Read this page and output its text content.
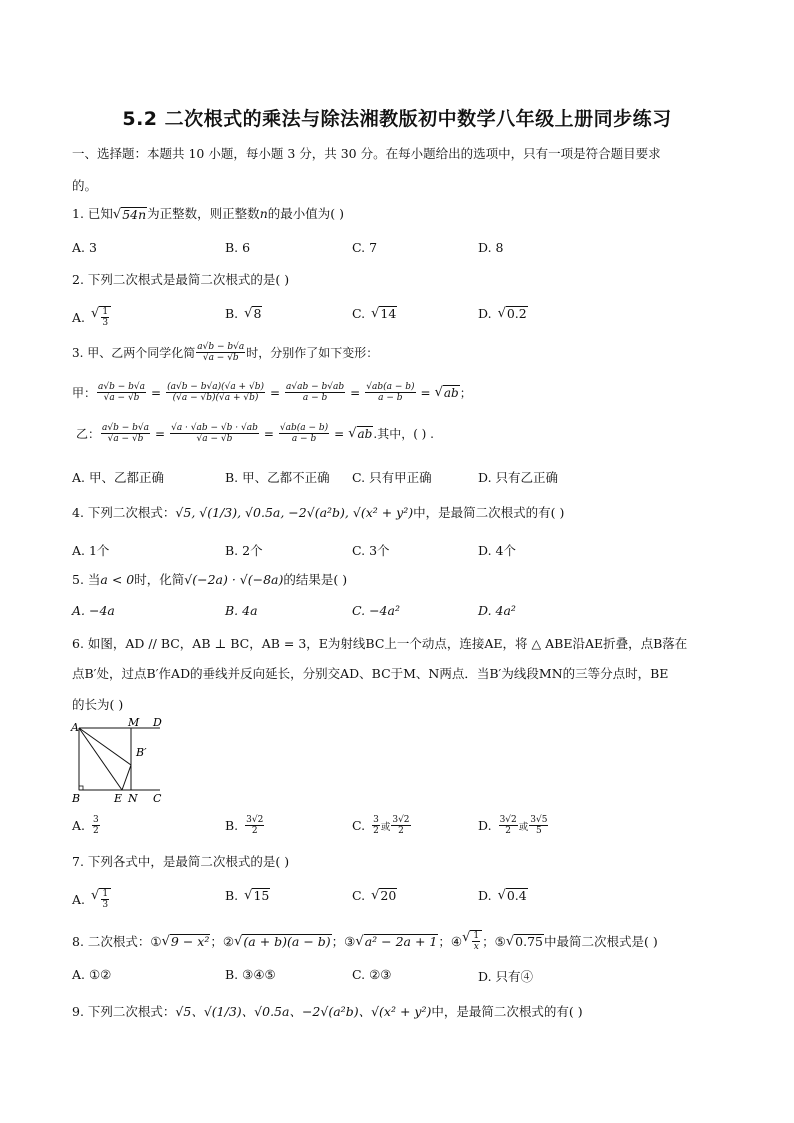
5.2 二次根式的乘法与除法湘教版初中数学八年级上册同步练习
一、选择题：本题共 10 小题，每小题 3 分，共 30 分。在每小题给出的选项中，只有一项是符合题目要求
的。
1. 已知 √ 54n 为正整数，则正整数n的最小值为( )
A. 3	B. 6	C. 7	D. 8
2. 下列二次根式是最简二次根式的是( )
A. √ $\frac{1}{3}$	B. √ 8	C. √ 14	D. √ 0.2
3. 甲、乙两个同学化简 $\frac{a√b - b√a}{√a - √b}$ 时，分别作了如下变形：
甲： $\frac{a√b - b√a}{√a - √b} = \frac{(a√b - b√a)(√a + √b)}{(√a - √b)(√a + √b)} = \frac{a√ab - b√ab}{a - b} = \frac{√ab(a - b)}{a - b}$ = √ ab ；
乙： $\frac{a√b - b√a}{√a - √b} = \frac{√a \cdot √ab - √b \cdot √ab}{√a - √b} = \frac{√ab(a - b)}{a - b}$ = √ ab .其中，( ) .
A. 甲、乙都正确	B. 甲、乙都不正确 C. 只有甲正确	D. 只有乙正确
4. 下列二次根式：√5, √(1/3), √0.5a, −2√(a²b), √(x² + y²)中，是最简二次根式的有( )
A. 1个	B. 2个	C. 3个	D. 4个
5. 当a < 0时，化简√(−2a) · √(−8a)的结果是( )
A. −4a	B. 4a	C. −4a²	D. 4a²
6. 如图，AD // BC，AB ⊥ BC，AB = 3，E为射线BC上一个动点，连接AE，将 △ ABE沿AE折叠，点B落在
点B′处，过点B′作AD的垂线并反向延长，分别交AD、BC于M、N两点．当B′为线段MN的三等分点时，BE
的长为( )
A	M D
B′
B	E N C
A. $\frac{3}{2}$	B. $\frac{3√2}{2}$	C. $\frac{3}{2}$ 或 $\frac{3√2}{2}$	D. $\frac{3√2}{2}$ 或 $\frac{3√5}{5}$
7. 下列各式中，是最简二次根式的是( )
A. √ $\frac{1}{3}$	B. √ 15	C. √ 20	D. √ 0.4
8. 二次根式： ① √ 9 − x² ； ② √ (a + b)(a − b) ； ③ √ a² − 2a + 1 ； ④ √ $\frac{1}{x}$ ； ⑤ √ 0.75 中最简二次根式是( )
A. ①②	B. ③④⑤	C. ②③	D. 只有④
9. 下列二次根式：√5、√(1/3)、√0.5a、−2√(a²b)、√(x² + y²)中，是最简二次根式的有( )
